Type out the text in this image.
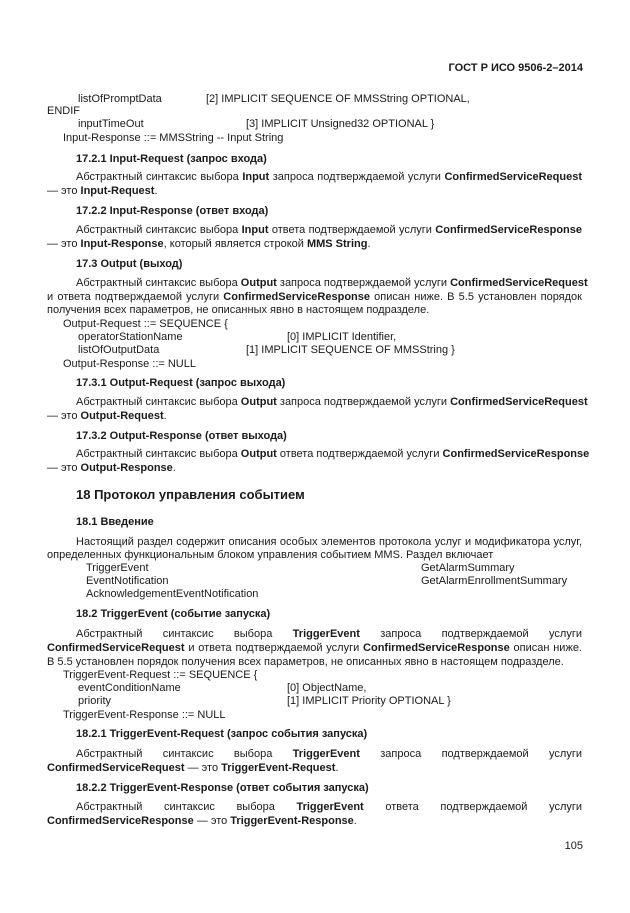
ГОСТ Р ИСО 9506-2–2014
listOfPromptData	[2] IMPLICIT SEQUENCE OF MMSString OPTIONAL,
ENDIF
inputTimeOut	[3] IMPLICIT Unsigned32 OPTIONAL }
Input-Response ::= MMSString -- Input String
17.2.1 Input-Request (запрос входа)
Абстрактный синтаксис выбора Input запроса подтверждаемой услуги ConfirmedServiceRequest
— это Input-Request.
17.2.2 Input-Response (ответ входа)
Абстрактный синтаксис выбора Input ответа подтверждаемой услуги ConfirmedServiceResponse
— это Input-Response, который является строкой MMS String.
17.3 Output (выход)
Абстрактный синтаксис выбора Output запроса подтверждаемой услуги ConfirmedServiceRequest
и ответа подтверждаемой услуги ConfirmedServiceResponse описан ниже. В 5.5 установлен порядок
получения всех параметров, не описанных явно в настоящем подразделе.
Output-Request ::= SEQUENCE {
operatorStationName	[0] IMPLICIT Identifier,
listOfOutputData	[1] IMPLICIT SEQUENCE OF MMSString }
Output-Response ::= NULL
17.3.1 Output-Request (запрос выхода)
Абстрактный синтаксис выбора Output запроса подтверждаемой услуги ConfirmedServiceRequest
— это Output-Request.
17.3.2 Output-Response (ответ выхода)
Абстрактный синтаксис выбора Output ответа подтверждаемой услуги ConfirmedServiceResponse
— это Output-Response.
18 Протокол управления событием
18.1 Введение
Настоящий раздел содержит описания особых элементов протокола услуг и модификатора услуг,
определенных функциональным блоком управления событием MMS. Раздел включает
TriggerEvent	GetAlarmSummary
EventNotification	GetAlarmEnrollmentSummary
AcknowledgementEventNotification
18.2 TriggerEvent (событие запуска)
Абстрактный синтаксис выбора TriggerEvent запроса подтверждаемой услуги
ConfirmedServiceRequest и ответа подтверждаемой услуги ConfirmedServiceResponse описан ниже.
В 5.5 установлен порядок получения всех параметров, не описанных явно в настоящем подразделе.
TriggerEvent-Request ::= SEQUENCE {
eventConditionName	[0] ObjectName,
priority	[1] IMPLICIT Priority OPTIONAL }
TriggerEvent-Response ::= NULL
18.2.1 TriggerEvent-Request (запрос события запуска)
Абстрактный синтаксис выбора TriggerEvent запроса подтверждаемой услуги
ConfirmedServiceRequest — это TriggerEvent-Request.
18.2.2 TriggerEvent-Response (ответ события запуска)
Абстрактный синтаксис выбора TriggerEvent ответа подтверждаемой услуги
ConfirmedServiceResponse — это TriggerEvent-Response.
105
